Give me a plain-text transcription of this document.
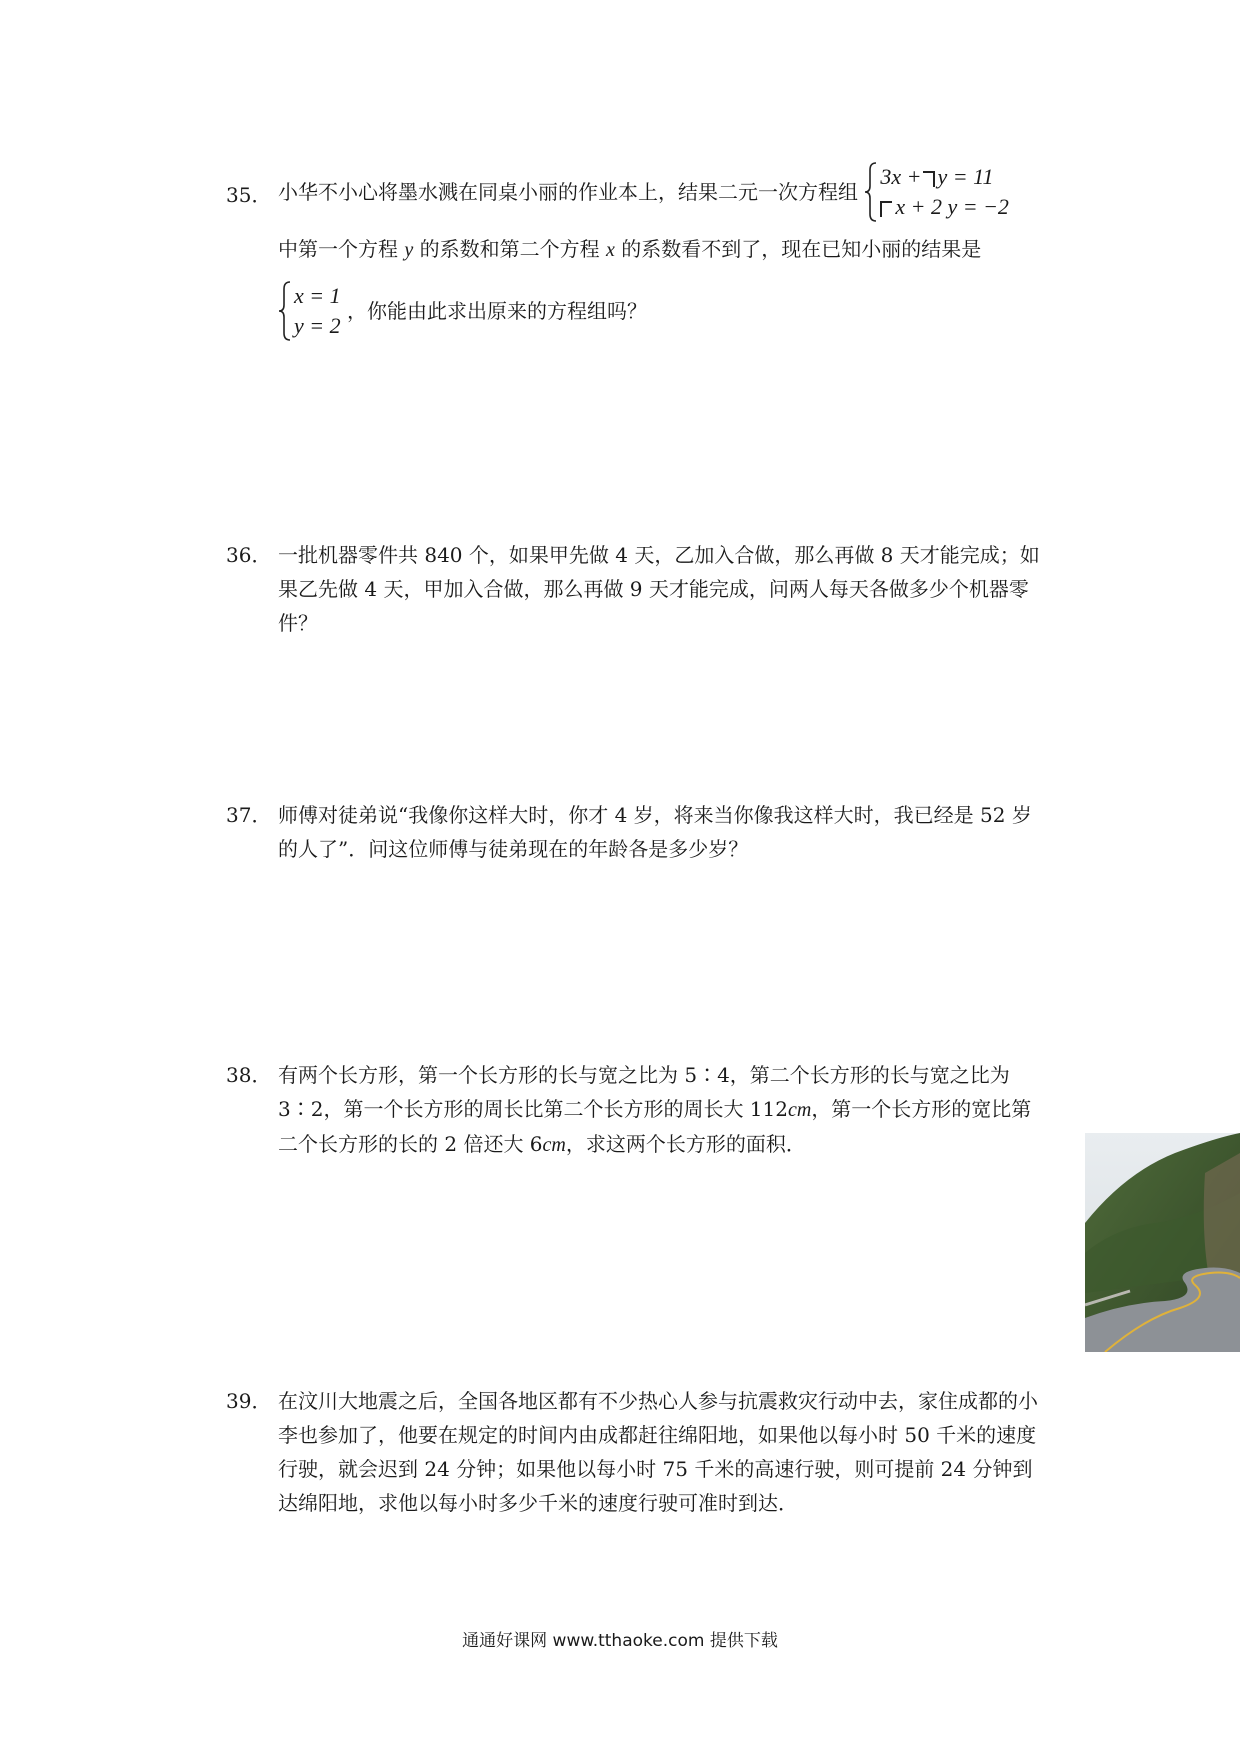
35． 小华不小心将墨水溅在同桌小丽的作业本上，结果二元一次方程组
3x + y = 11
x + 2 y = −2
中第一个方程 y 的系数和第二个方程 x 的系数看不到了，现在已知小丽的结果是
x = 1
y = 2
，你能由此求出原来的方程组吗？
36． 一批机器零件共 840 个，如果甲先做 4 天，乙加入合做，那么再做 8 天才能完成；如果乙先做 4 天，甲加入合做，那么再做 9 天才能完成，问两人每天各做多少个机器零件？
37． 师傅对徒弟说“我像你这样大时，你才 4 岁，将来当你像我这样大时，我已经是 52 岁的人了”．问这位师傅与徒弟现在的年龄各是多少岁？
38． 有两个长方形，第一个长方形的长与宽之比为 5∶4，第二个长方形的长与宽之比为 3∶2，第一个长方形的周长比第二个长方形的周长大 112cm，第一个长方形的宽比第二个长方形的长的 2 倍还大 6cm，求这两个长方形的面积．
39． 在汶川大地震之后，全国各地区都有不少热心人参与抗震救灾行动中去，家住成都的小李也参加了，他要在规定的时间内由成都赶往绵阳地，如果他以每小时 50 千米的速度行驶，就会迟到 24 分钟；如果他以每小时 75 千米的高速行驶，则可提前 24 分钟到达绵阳地，求他以每小时多少千米的速度行驶可准时到达．
通通好课网 www.tthaoke.com 提供下载
